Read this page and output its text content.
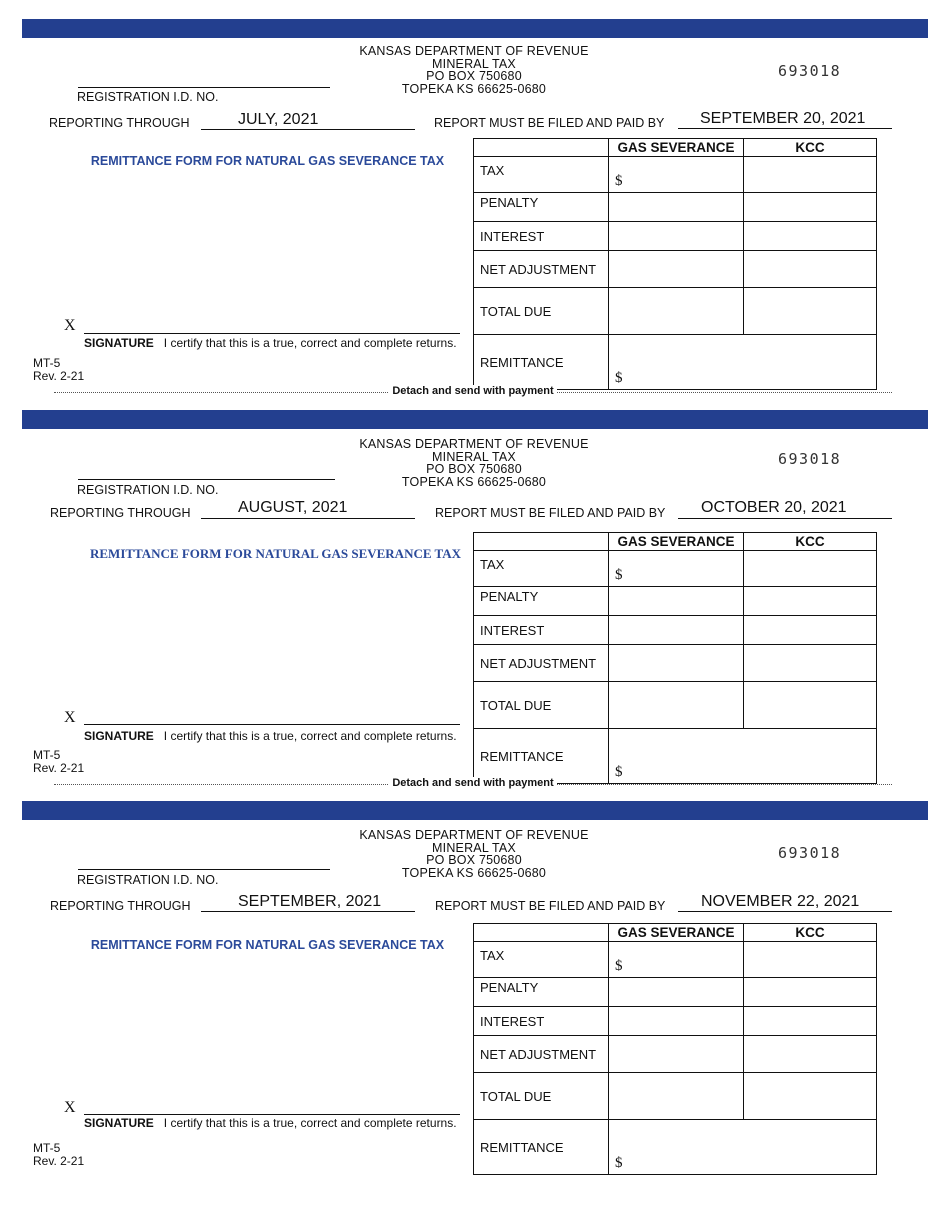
KANSAS DEPARTMENT OF REVENUE
MINERAL TAX
PO BOX 750680
TOPEKA KS 66625-0680
693018
REGISTRATION I.D. NO.
REPORTING THROUGH	JULY, 2021	REPORT MUST BE FILED AND PAID BY SEPTEMBER 20, 2021
REMITTANCE FORM FOR NATURAL GAS SEVERANCE TAX
	GAS SEVERANCE	KCC
TAX	$	
PENALTY		
INTEREST		
NET ADJUSTMENT		
TOTAL DUE		
REMITTANCE	$	
X
SIGNATURE I certify that this is a true, correct and complete returns.
MT-5
Rev. 2-21
Detach and send with payment
KANSAS DEPARTMENT OF REVENUE
MINERAL TAX
PO BOX 750680
TOPEKA KS 66625-0680
693018
REGISTRATION I.D. NO.
REPORTING THROUGH	AUGUST, 2021	REPORT MUST BE FILED AND PAID BY OCTOBER 20, 2021
REMITTANCE FORM FOR NATURAL GAS SEVERANCE TAX
	GAS SEVERANCE	KCC
TAX	$	
PENALTY		
INTEREST		
NET ADJUSTMENT		
TOTAL DUE		
REMITTANCE	$	
X
SIGNATURE I certify that this is a true, correct and complete returns.
MT-5
Rev. 2-21
Detach and send with payment
KANSAS DEPARTMENT OF REVENUE
MINERAL TAX
PO BOX 750680
TOPEKA KS 66625-0680
693018
REGISTRATION I.D. NO.
REPORTING THROUGH	SEPTEMBER, 2021	REPORT MUST BE FILED AND PAID BY NOVEMBER 22, 2021
REMITTANCE FORM FOR NATURAL GAS SEVERANCE TAX
	GAS SEVERANCE	KCC
TAX	$	
PENALTY		
INTEREST		
NET ADJUSTMENT		
TOTAL DUE		
REMITTANCE	$	
X
SIGNATURE I certify that this is a true, correct and complete returns.
MT-5
Rev. 2-21
